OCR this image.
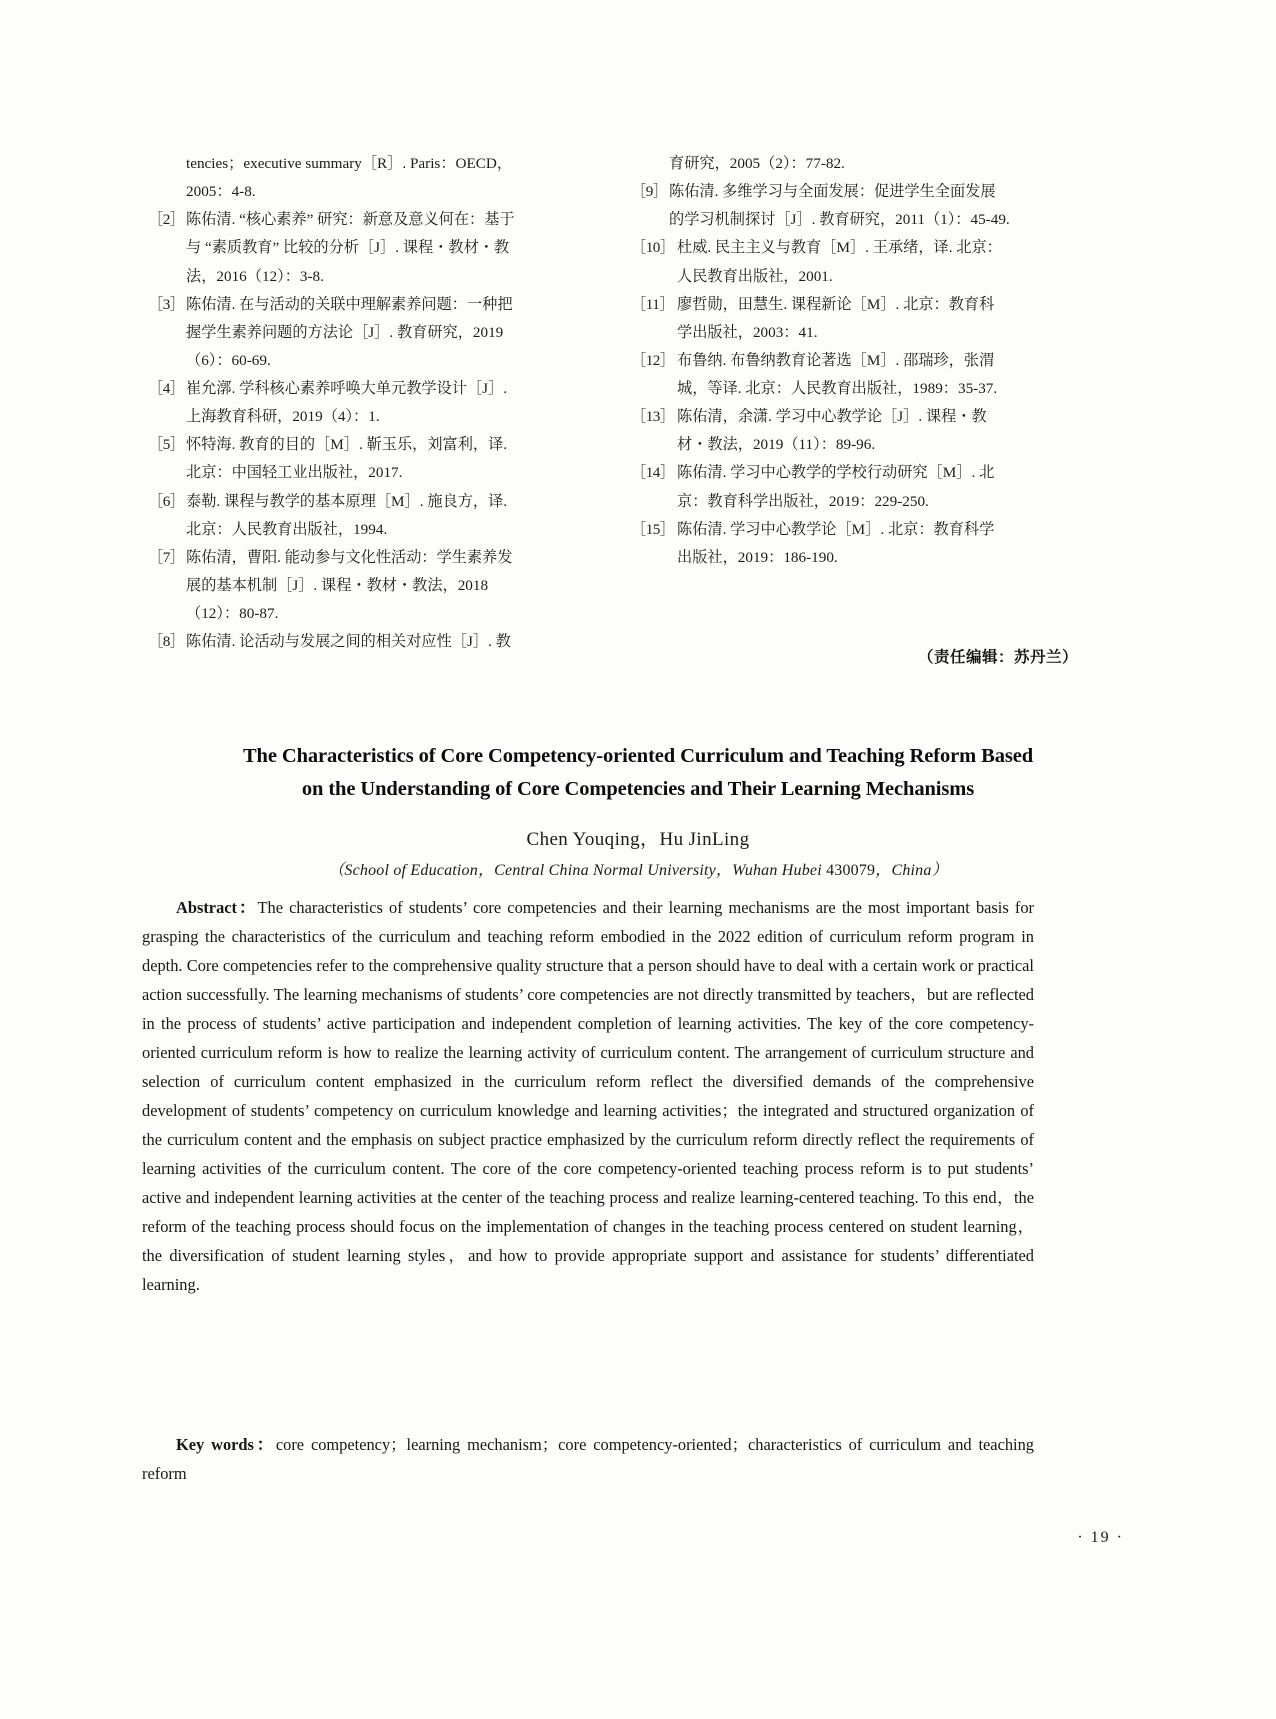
tencies；executive summary［R］. Paris：OECD，
2005：4-8.
［2］ 陈佑清. “核心素养” 研究：新意及意义何在：基于
与 “素质教育” 比较的分析［J］. 课程・教材・教
法，2016（12）：3-8.
［3］ 陈佑清. 在与活动的关联中理解素养问题：一种把
握学生素养问题的方法论［J］. 教育研究，2019
（6）：60-69.
［4］ 崔允漷. 学科核心素养呼唤大单元教学设计［J］.
上海教育科研，2019（4）：1.
［5］ 怀特海. 教育的目的［M］. 靳玉乐，刘富利，译.
北京：中国轻工业出版社，2017.
［6］ 泰勒. 课程与教学的基本原理［M］. 施良方，译.
北京：人民教育出版社，1994.
［7］ 陈佑清，曹阳. 能动参与文化性活动：学生素养发
展的基本机制［J］. 课程・教材・教法，2018
（12）：80-87.
［8］ 陈佑清. 论活动与发展之间的相关对应性［J］. 教
育研究，2005（2）：77-82.
［9］ 陈佑清. 多维学习与全面发展：促进学生全面发展
的学习机制探讨［J］. 教育研究，2011（1）：45-49.
［10］ 杜威. 民主主义与教育［M］. 王承绪，译. 北京：
人民教育出版社，2001.
［11］ 廖哲勋，田慧生. 课程新论［M］. 北京：教育科
学出版社，2003：41.
［12］ 布鲁纳. 布鲁纳教育论著选［M］. 邵瑞珍，张渭
城，等译. 北京：人民教育出版社，1989：35-37.
［13］ 陈佑清，余潇. 学习中心教学论［J］. 课程・教
材・教法，2019（11）：89-96.
［14］ 陈佑清. 学习中心教学的学校行动研究［M］. 北
京：教育科学出版社，2019：229-250.
［15］ 陈佑清. 学习中心教学论［M］. 北京：教育科学
出版社，2019：186-190.
（责任编辑：苏丹兰）
The Characteristics of Core Competency-oriented Curriculum and Teaching Reform Based
on the Understanding of Core Competencies and Their Learning Mechanisms
Chen Youqing，Hu JinLing
（School of Education，Central China Normal University，Wuhan Hubei 430079，China）
Abstract：The characteristics of students’ core competencies and their learning mechanisms are the most important basis for grasping the characteristics of the curriculum and teaching reform embodied in the 2022 edition of curriculum reform program in depth. Core competencies refer to the comprehensive quality structure that a person should have to deal with a certain work or practical action successfully. The learning mechanisms of students’ core competencies are not directly transmitted by teachers，but are reflected in the process of students’ active participation and independent completion of learning activities. The key of the core competency-oriented curriculum reform is how to realize the learning activity of curriculum content. The arrangement of curriculum structure and selection of curriculum content emphasized in the curriculum reform reflect the diversified demands of the comprehensive development of students’ competency on curriculum knowledge and learning activities；the integrated and structured organization of the curriculum content and the emphasis on subject practice emphasized by the curriculum reform directly reflect the requirements of learning activities of the curriculum content. The core of the core competency-oriented teaching process reform is to put students’ active and independent learning activities at the center of the teaching process and realize learning-centered teaching. To this end，the reform of the teaching process should focus on the implementation of changes in the teaching process centered on student learning，the diversification of student learning styles，and how to provide appropriate support and assistance for students’ differentiated learning.
Key words：core competency；learning mechanism；core competency-oriented；characteristics of curriculum and teaching reform
· 19 ·
